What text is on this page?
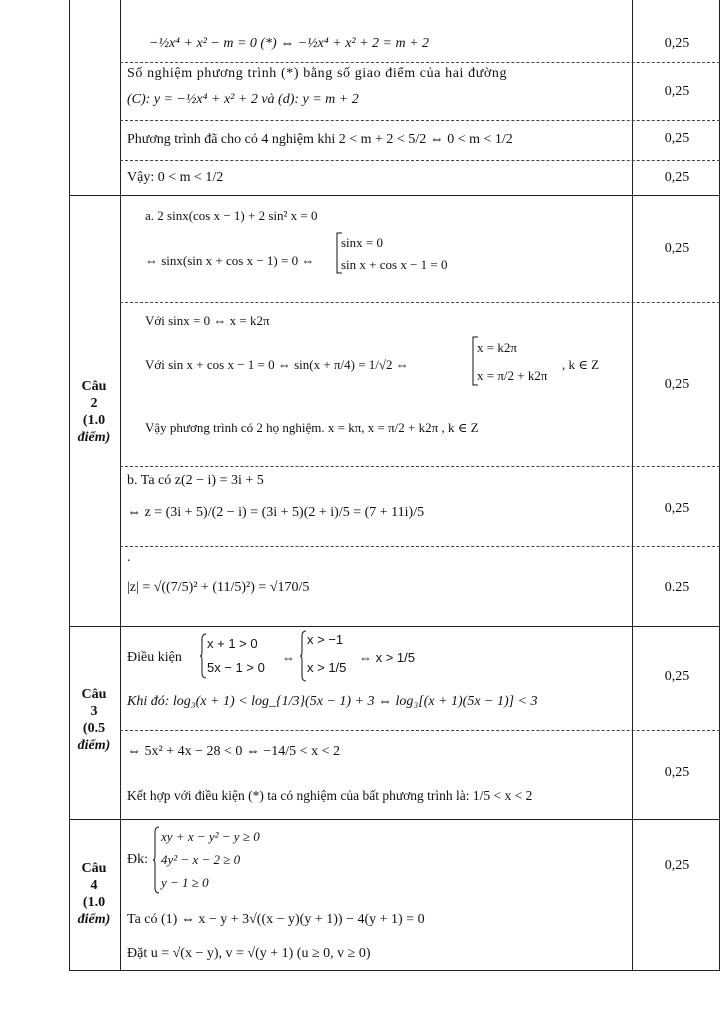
−½x⁴ + x² − m = 0 (*) ⇔ −½x⁴ + x² + 2 = m + 2
Số nghiệm phương trình (*) bằng số giao điểm của hai đường
(C): y = −½x⁴ + x² + 2 và (d): y = m + 2
Phương trình đã cho có 4 nghiệm khi 2 < m + 2 < 5/2 ⇔ 0 < m < 1/2
Vậy: 0 < m < 1/2
0,25
0,25
0,25
0,25
Câu
2
(1.0
điểm)
a. 2 sinx(cos x − 1) + 2 sin² x = 0
⇔ sinx(sin x + cos x − 1) = 0 ⇔
sinx = 0
sin x + cos x − 1 = 0
Với sinx = 0 ⇔ x = k2π
Với sin x + cos x − 1 = 0 ⇔ sin(x + π/4) = 1/√2 ⇔
x = k2π
x = π/2 + k2π
, k ∈ Z
Vậy phương trình có 2 họ nghiệm. x = kπ, x = π/2 + k2π , k ∈ Z
b. Ta có z(2 − i) = 3i + 5
⇔ z = (3i + 5)/(2 − i) = (3i + 5)(2 + i)/5 = (7 + 11i)/5
.
|z| = √((7/5)² + (11/5)²) = √170/5
0,25
0,25
0,25
0.25
Câu
3
(0.5
điểm)
Điều kiện
x + 1 > 0
5x − 1 > 0
⇔
x > −1
x > 1/5
⇔ x > 1/5
Khi đó: log₃(x + 1) < log_{1/3}(5x − 1) + 3 ⇔ log₃[(x + 1)(5x − 1)] < 3
⇔ 5x² + 4x − 28 < 0 ⇔ −14/5 < x < 2
Kết hợp với điều kiện (*) ta có nghiệm của bất phương trình là: 1/5 < x < 2
0,25
0,25
Câu
4
(1.0
điểm)
Đk:
xy + x − y² − y ≥ 0
4y² − x − 2 ≥ 0
y − 1 ≥ 0
Ta có (1) ⇔ x − y + 3√((x − y)(y + 1)) − 4(y + 1) = 0
Đặt u = √(x − y), v = √(y + 1) (u ≥ 0, v ≥ 0)
0,25
